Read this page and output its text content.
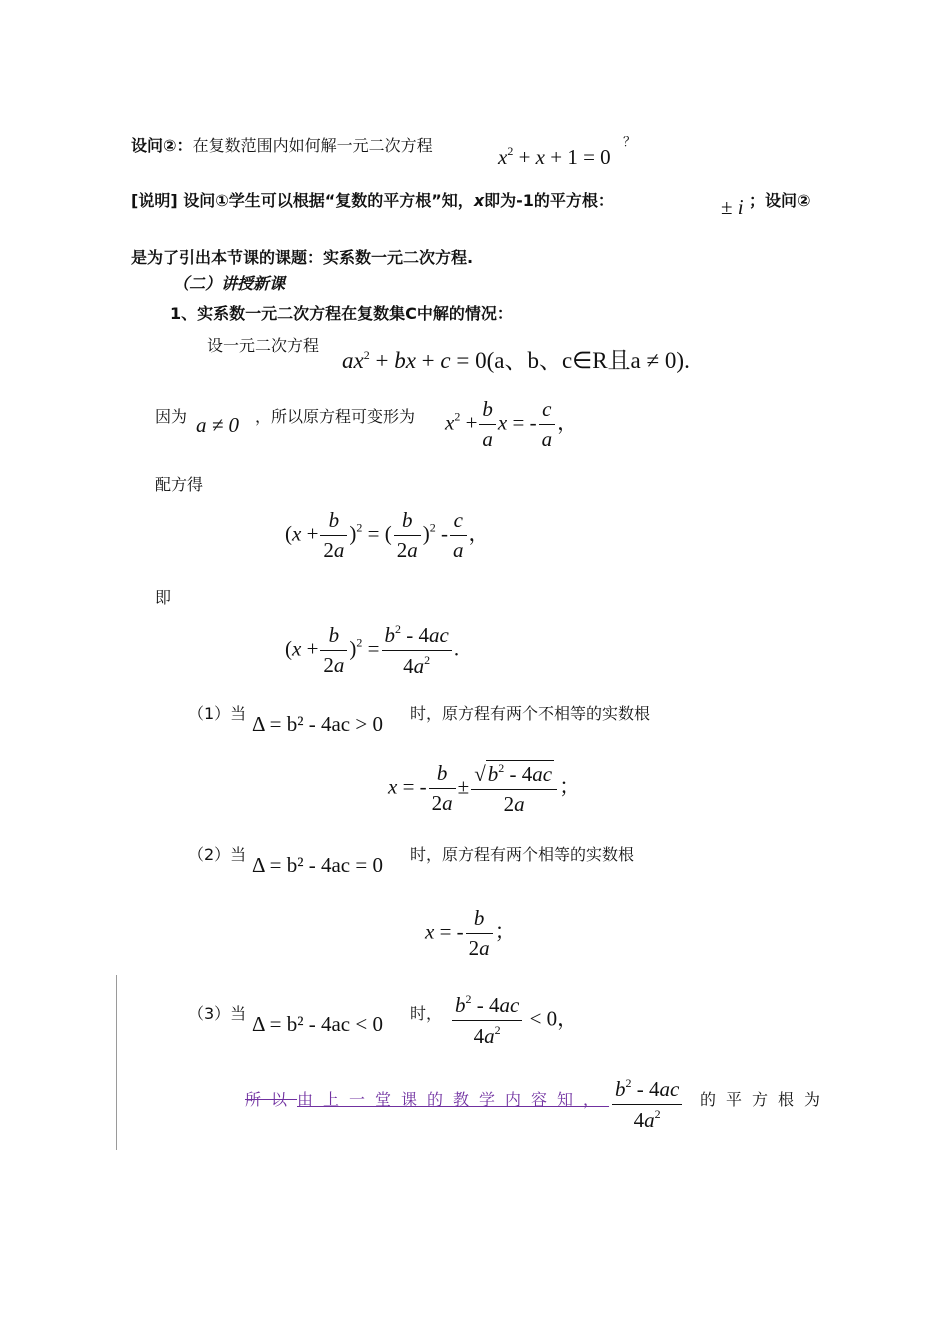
设问②：在复数范围内如何解一元二次方程	$x^2 + x + 1 = 0$
？
[说明] 设问①学生可以根据“复数的平方根”知，x即为-1的平方根：	± i ；设问②
是为了引出本节课的课题：实系数一元二次方程.
（二）讲授新课
1、实系数一元二次方程在复数集C中解的情况：
设一元二次方程
$ax^2$ + bx + c = 0(a、b、c∈R且a ≠ 0).
因为 a ≠ 0 ，所以原方程可变形为 $x^2 + \frac{b}{a}$ x = - $\frac{c}{a}$ ，
配方得
$(x + \frac{b}{2a} )^2$ = ( $\frac{b}{2a} )^2 - \frac{c}{a}$ ，
即
$(x + \frac{b}{2a} )^2 = \frac{b^2 - 4ac}{4a^2}$ .
（1）当 Δ = b² - 4ac > 0 时，原方程有两个不相等的实数根
x = - $\frac{b}{2a} \pm \frac{√b^2 - 4ac}{2a}$ ；
（2）当 Δ = b² - 4ac = 0 时，原方程有两个相等的实数根
x = - $\frac{b}{2a}$ ；
（3）当 Δ = b² - 4ac < 0 时， $\frac{b^2 - 4ac}{4a^2} < 0$，
所以由上一堂课的教学内容知， $\frac{b^2 - 4ac}{4a^2}$ 的平方根为
